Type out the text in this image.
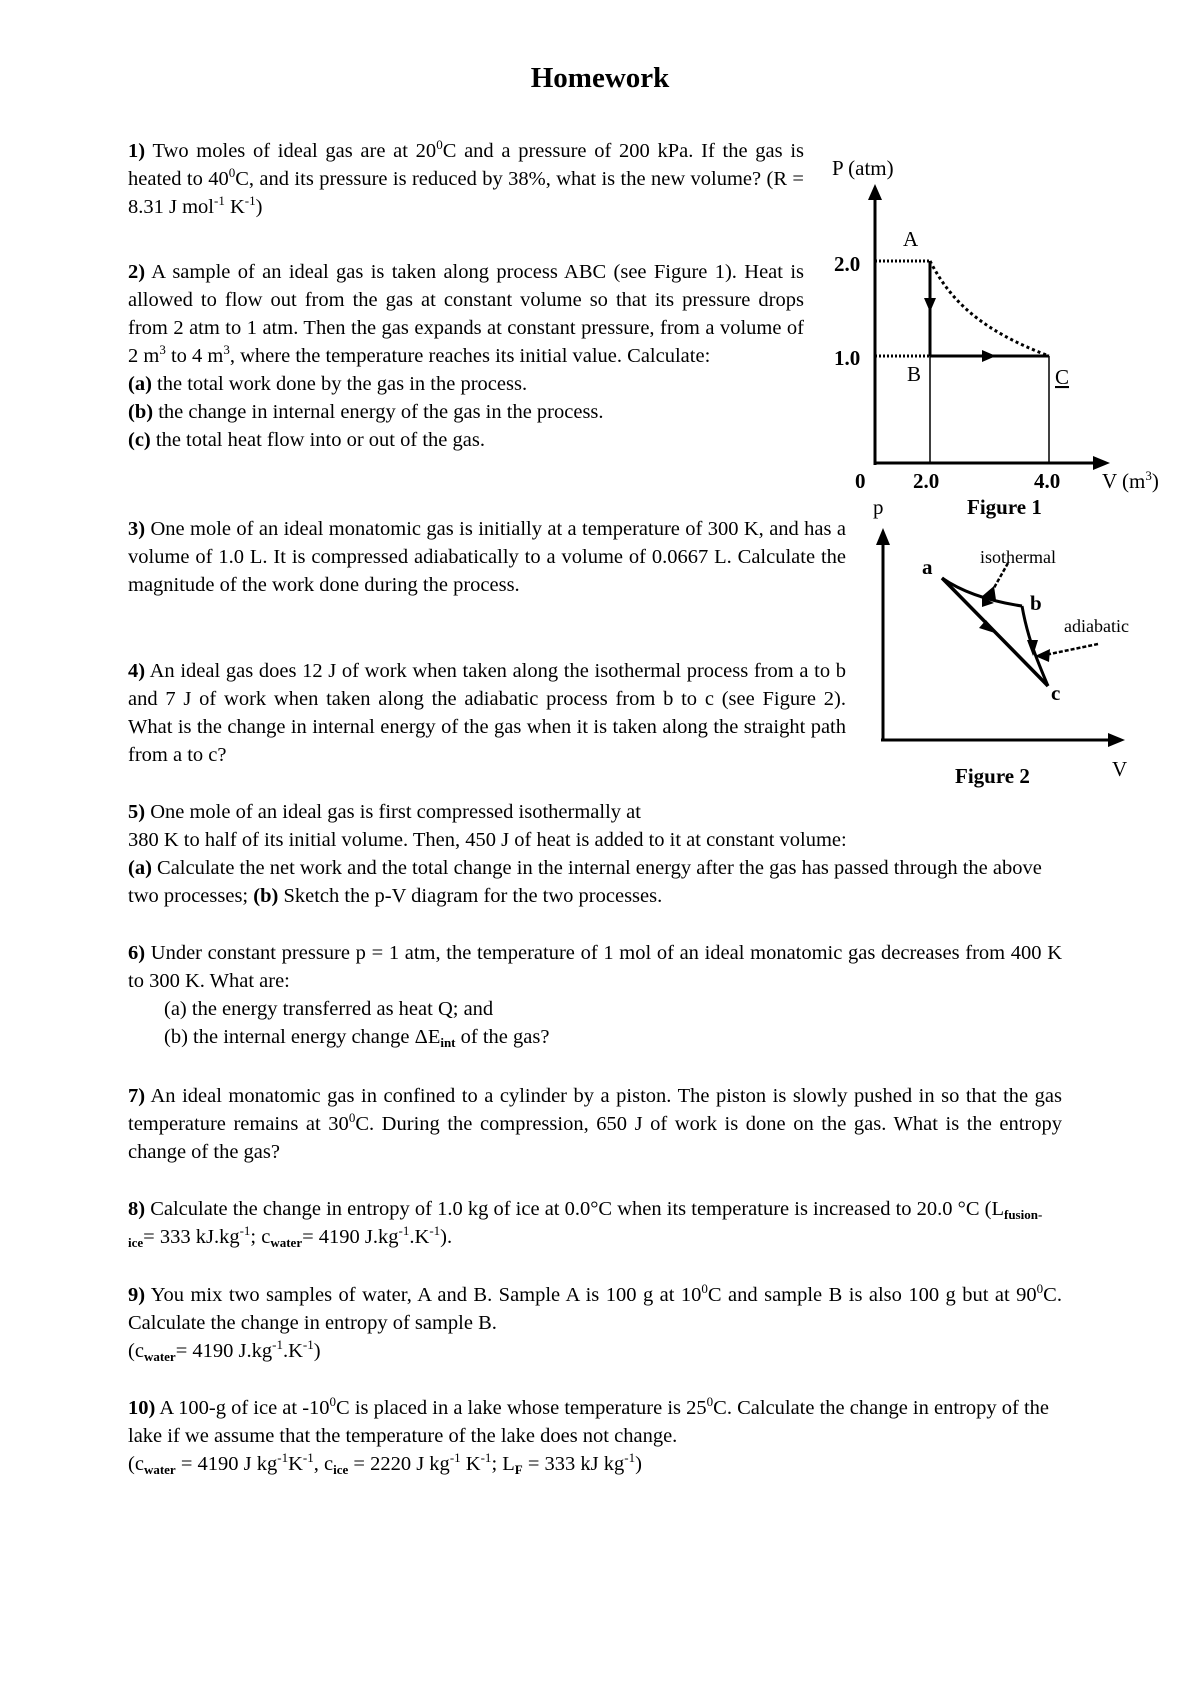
Homework

1) Two moles of ideal gas are at $20^0C$ and a pressure of 200 kPa. If the gas is heated to $40^0C$, and its pressure is reduced by 38%, what is the new volume? (R = 8.31 J mol$^{-1}$ $K^{-1}$)

2) A sample of an ideal gas is taken along process ABC (see Figure 1). Heat is allowed to flow out from the gas at constant volume so that its pressure drops from 2 atm to 1 atm. Then the gas expands at constant pressure, from a volume of 2 $m^3$ to 4 $m^3$, where the temperature reaches its initial value. Calculate:

(a) the total work done by the gas in the process.

(b) the change in internal energy of the gas in the process.

(c) the total heat flow into or out of the gas.

3) One mole of an ideal monatomic gas is initially at a temperature of 300 K, and has a volume of 1.0 L. It is compressed adiabatically to a volume of 0.0667 L. Calculate the magnitude of the work done during the process.

4) An ideal gas does 12 J of work when taken along the isothermal process from a to b and 7 J of work when taken along the adiabatic process from b to c (see Figure 2). What is the change in internal energy of the gas when it is taken along the straight path from a to c?

5) One mole of an ideal gas is first compressed isothermally at

380 K to half of its initial volume. Then, 450 J of heat is added to it at constant volume:

(a) Calculate the net work and the total change in the internal energy after the gas has passed through the above two processes; (b) Sketch the p-V diagram for the two processes.

6) Under constant pressure p = 1 atm, the temperature of 1 mol of an ideal monatomic gas decreases from 400 K to 300 K. What are:

(a) the energy transferred as heat Q; and

(b) the internal energy change $\Delta E_{int}$ of the gas?

7) An ideal monatomic gas in confined to a cylinder by a piston. The piston is slowly pushed in so that the gas temperature remains at $30^0C$. During the compression, 650 J of work is done on the gas. What is the entropy change of the gas?

8) Calculate the change in entropy of 1.0 kg of ice at 0.0°C when its temperature is increased to 20.0 °C ($L_{fusion-ice}= 333$ $kJ.kg^{-1}$; $c_{water}= 4190$ $J.kg^{-1}.K^{-1}$).

9) You mix two samples of water, A and B. Sample A is 100 g at $10^0C$ and sample B is also 100 g but at $90^0C$. Calculate the change in entropy of sample B.

($c_{water}= 4190$ $J.kg^{-1}.K^{-1}$)

10) A 100-g of ice at $-10^0C$ is placed in a lake whose temperature is $25^0C$. Calculate the change in entropy of the lake if we assume that the temperature of the lake does not change.

($c_{water} = 4190$ J $kg^{-1}K^{-1}$, $c_{ice} = 2220$ J $kg^{-1}$ $K^{-1}$; $L_F = 333$ kJ $kg^{-1}$)

P (atm)
2.0
1.0
0 2.0	4.0 V $(m^3)$
A
B	C
Figure 1
p
V
a
b
c
isothermal
adiabatic
Figure 2
